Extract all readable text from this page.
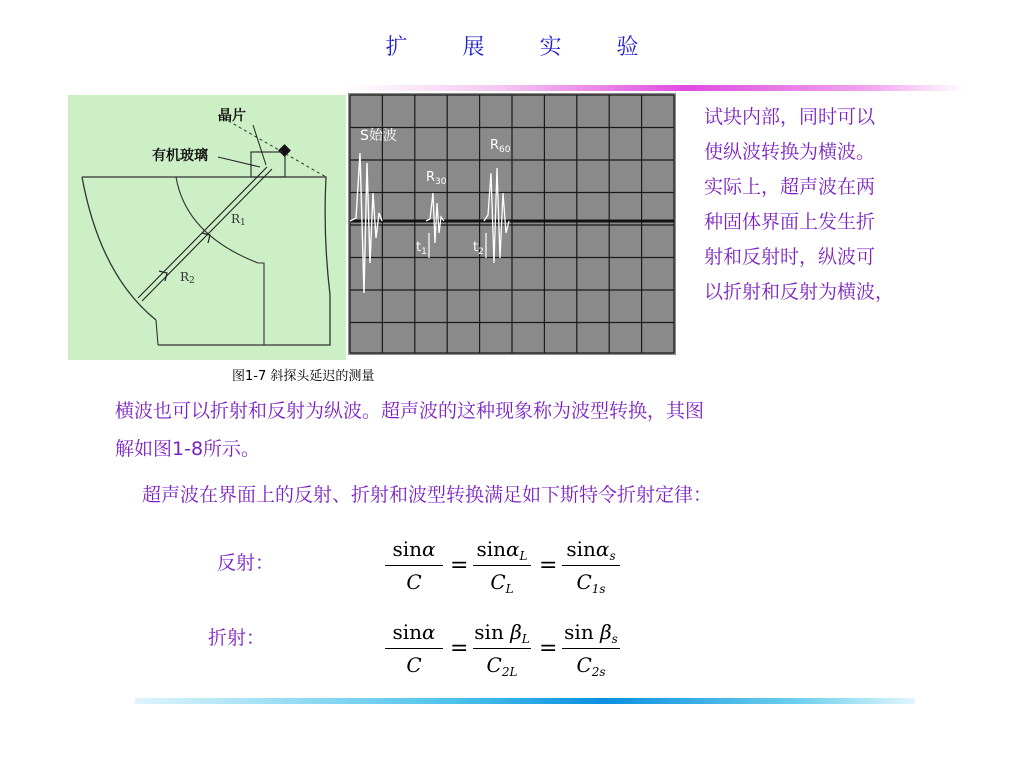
扩	展	实	验
晶片
有机玻璃
R1
R2
S始波
$R_{30}$
$R_{60}$
$t_1$	$t_2$
图1-7 斜探头延迟的测量
试块内部，同时可以
使纵波转换为横波。
实际上，超声波在两
种固体界面上发生折
射和反射时，纵波可
以折射和反射为横波，
横波也可以折射和反射为纵波。超声波的这种现象称为波型转换，其图
解如图1-8所示。
超声波在界面上的反射、折射和波型转换满足如下斯特令折射定律：
反射：
折射：
sinα
C
=
sinα$_L$
$C_L$
=
sinα$_s$
$C_{1s}$
sinα
C
=
$\sin \beta_L$
$C_{2L}$
=
$\sin \beta_s$
$C_{2s}$
